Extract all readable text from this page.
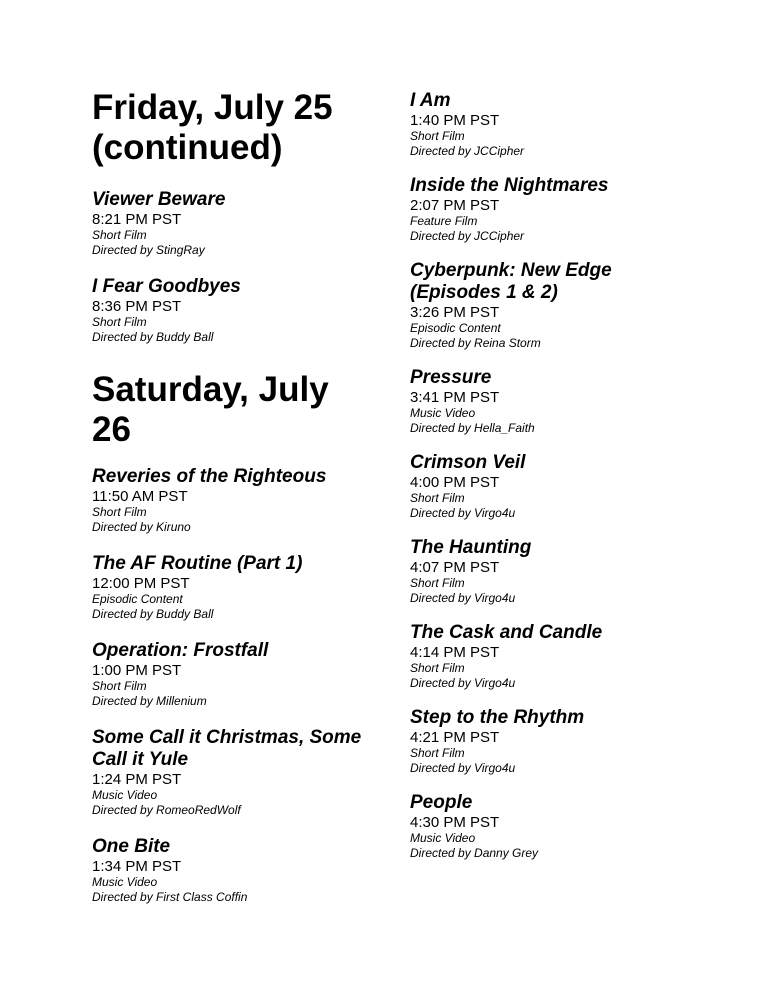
Friday, July 25
(continued)
Viewer Beware
8:21 PM PST
Short Film
Directed by StingRay
I Fear Goodbyes
8:36 PM PST
Short Film
Directed by Buddy Ball
Saturday, July
26
Reveries of the Righteous
11:50 AM PST
Short Film
Directed by Kiruno
The AF Routine (Part 1)
12:00 PM PST
Episodic Content
Directed by Buddy Ball
Operation: Frostfall
1:00 PM PST
Short Film
Directed by Millenium
Some Call it Christmas, Some
Call it Yule
1:24 PM PST
Music Video
Directed by RomeoRedWolf
One Bite
1:34 PM PST
Music Video
Directed by First Class Coffin
I Am
1:40 PM PST
Short Film
Directed by JCCipher
Inside the Nightmares
2:07 PM PST
Feature Film
Directed by JCCipher
Cyberpunk: New Edge
(Episodes 1 & 2)
3:26 PM PST
Episodic Content
Directed by Reina Storm
Pressure
3:41 PM PST
Music Video
Directed by Hella_Faith
Crimson Veil
4:00 PM PST
Short Film
Directed by Virgo4u
The Haunting
4:07 PM PST
Short Film
Directed by Virgo4u
The Cask and Candle
4:14 PM PST
Short Film
Directed by Virgo4u
Step to the Rhythm
4:21 PM PST
Short Film
Directed by Virgo4u
People
4:30 PM PST
Music Video
Directed by Danny Grey
